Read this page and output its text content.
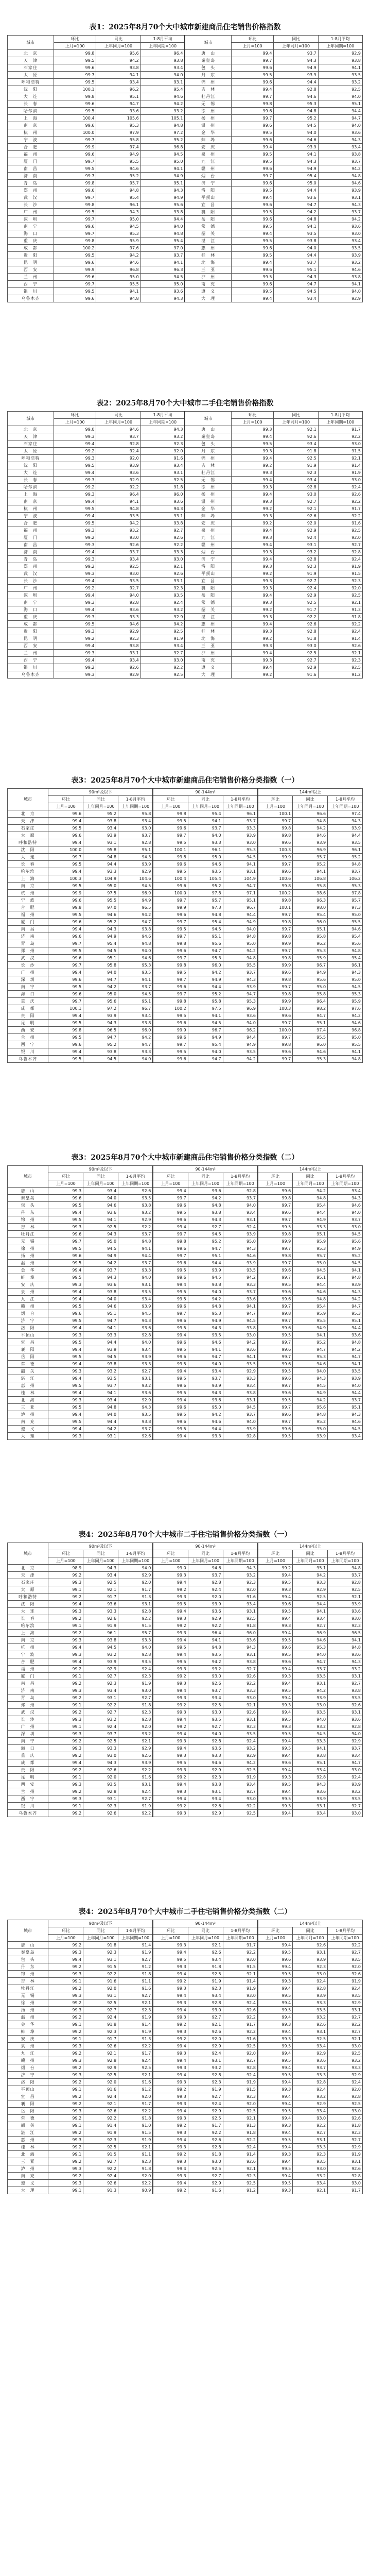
表1：2025年8月70个大中城市新建商品住宅销售价格指数
城市	环比	同比	1-8月平均	城市	环比	同比	1-8月平均
	上月=100	上年同月=100	上年同期=100		上月=100	上年同月=100	上年同期=100
北　京	99.8	95.6	96.4	唐　山	99.4	93.7	92.9
天　津	99.5	94.2	93.8	秦皇岛	99.7	94.3	93.8
石家庄	99.6	93.8	93.4	包　头	99.6	94.9	94.1
太　原	99.7	94.1	94.0	丹　东	99.5	93.9	93.5
呼和浩特	99.5	93.4	93.1	锦　州	99.6	94.4	93.2
沈　阳	100.1	96.2	95.4	吉　林	99.4	92.8	92.5
大　连	99.8	95.1	94.6	牡丹江	99.7	94.6	94.0
长　春	99.6	94.7	94.2	无　锡	99.8	95.3	95.1
哈尔滨	99.5	93.6	93.2	徐　州	99.6	94.8	94.4
上　海	100.4	105.6	105.1	扬　州	99.7	95.2	94.7
南　京	99.6	95.3	94.8	温　州	99.6	94.5	94.0
杭　州	100.0	97.9	97.2	金　华	99.5	94.0	93.6
宁　波	99.7	95.8	95.2	蚌　埠	99.6	94.6	94.3
合　肥	99.9	97.4	96.8	安　庆	99.4	93.9	93.4
福　州	99.6	94.9	94.5	泉　州	99.5	94.1	93.8
厦　门	99.7	95.5	95.0	九　江	99.5	94.3	93.7
南　昌	99.5	94.6	94.1	赣　州	99.6	94.9	94.2
济　南	99.7	95.2	94.9	烟　台	99.7	95.4	94.8
青　岛	99.8	95.7	95.1	济　宁	99.6	95.0	94.6
郑　州	99.6	94.8	94.3	洛　阳	99.5	94.4	93.9
武　汉	99.7	95.4	94.9	平顶山	99.4	93.6	93.1
长　沙	99.8	96.1	95.6	宜　昌	99.6	94.7	94.3
广　州	99.5	94.3	93.8	襄　阳	99.5	94.2	93.7
深　圳	99.7	95.0	94.4	岳　阳	99.6	94.8	94.2
南　宁	99.6	94.5	94.0	常　德	99.5	94.1	93.6
海　口	99.7	95.3	94.8	韶　关	99.4	93.5	93.0
重　庆	99.8	95.9	95.4	湛　江	99.5	93.8	93.4
成　都	100.2	97.6	97.0	惠　州	99.6	94.0	93.5
贵　阳	99.5	94.2	93.7	桂　林	99.5	94.4	93.9
昆　明	99.6	94.6	94.1	北　海	99.4	93.7	93.2
西　安	99.9	96.8	96.3	三　亚	99.6	95.1	94.6
兰　州	99.6	95.0	94.5	泸　州	99.5	94.3	93.8
西　宁	99.7	95.5	95.0	南　充	99.6	94.7	94.1
银　川	99.5	94.1	93.6	遵　义	99.5	94.5	94.0
乌鲁木齐	99.6	94.8	94.3	大　理	99.4	93.4	92.9
表2：2025年8月70个大中城市二手住宅销售价格指数
城市	环比	同比	1-8月平均	城市	环比	同比	1-8月平均
	上月=100	上年同月=100	上年同期=100		上月=100	上年同月=100	上年同期=100
北　京	99.0	94.6	94.3	唐　山	99.3	92.1	91.7
天　津	99.3	93.7	93.2	秦皇岛	99.4	92.6	92.2
石家庄	99.4	92.8	92.3	包　头	99.5	93.4	93.0
太　原	99.2	92.4	92.0	丹　东	99.3	91.8	91.5
呼和浩特	99.3	92.0	91.6	锦　州	99.4	92.5	92.1
沈　阳	99.5	93.9	93.4	吉　林	99.2	91.9	91.4
大　连	99.4	93.6	93.1	牡丹江	99.3	92.3	91.9
长　春	99.3	92.9	92.5	无　锡	99.4	93.4	93.0
哈尔滨	99.2	92.2	91.8	徐　州	99.3	92.8	92.4
上　海	99.3	96.4	96.0	扬　州	99.4	93.0	92.6
南　京	99.4	94.1	93.6	温　州	99.3	92.7	92.2
杭　州	99.5	94.8	94.3	金　华	99.2	92.1	91.7
宁　波	99.4	93.5	93.1	蚌　埠	99.3	92.6	92.2
合　肥	99.5	94.2	93.8	安　庆	99.2	92.0	91.6
福　州	99.3	93.2	92.7	泉　州	99.4	92.9	92.5
厦　门	99.2	93.0	92.6	九　江	99.3	92.4	92.0
南　昌	99.3	92.6	92.2	赣　州	99.4	93.1	92.7
济　南	99.4	93.7	93.3	烟　台	99.3	93.2	92.8
青　岛	99.3	93.4	93.0	济　宁	99.4	92.8	92.4
郑　州	99.2	92.5	92.1	洛　阳	99.3	92.3	91.9
武　汉	99.3	93.0	92.6	平顶山	99.2	91.9	91.5
长　沙	99.4	93.5	93.1	宜　昌	99.3	92.7	92.3
广　州	99.2	92.7	92.3	襄　阳	99.3	92.4	92.0
深　圳	99.4	94.0	93.5	岳　阳	99.4	92.9	92.5
南　宁	99.3	92.8	92.4	常　德	99.3	92.5	92.1
海　口	99.4	93.6	93.2	韶　关	99.2	91.7	91.3
重　庆	99.3	93.3	92.9	湛　江	99.3	92.2	91.8
成　都	99.5	94.6	94.2	惠　州	99.4	92.6	92.2
贵　阳	99.3	92.9	92.5	桂　林	99.3	92.8	92.4
昆　明	99.2	92.3	91.9	北　海	99.2	91.8	91.4
西　安	99.4	93.8	93.4	三　亚	99.3	93.0	92.6
兰　州	99.3	93.1	92.7	泸　州	99.4	92.5	92.1
西　宁	99.4	93.4	93.0	南　充	99.3	92.7	92.3
银　川	99.2	92.6	92.2	遵　义	99.4	92.9	92.5
乌鲁木齐	99.3	92.9	92.5	大　理	99.2	91.6	91.2
表3：2025年8月70个大中城市新建商品住宅销售价格分类指数（一）
城市	90m²及以下			90-144m²			144m²以上		
	环比	同比	1-8月平均	环比	同比	1-8月平均	环比	同比	1-8月平均
	上月=100	上年同月=100	上年同期=100	上月=100	上年同月=100	上年同期=100	上月=100	上年同月=100	上年同期=100
北　京	99.6	95.2	95.8	99.8	95.4	96.1	100.1	96.6	97.4
天　津	99.4	93.8	93.4	99.5	94.1	93.7	99.7	94.8	94.3
石家庄	99.5	93.4	93.0	99.6	93.7	93.3	99.8	94.2	93.9
太　原	99.6	93.9	93.7	99.7	94.0	93.9	99.8	94.6	94.4
呼和浩特	99.4	93.1	92.8	99.5	93.3	93.0	99.6	93.9	93.5
沈　阳	100.0	95.8	95.1	100.1	96.1	95.3	100.3	96.9	96.1
大　连	99.7	94.8	94.3	99.8	95.0	94.5	99.9	95.7	95.2
长　春	99.5	94.4	93.9	99.6	94.6	94.1	99.7	95.2	94.8
哈尔滨	99.4	93.3	92.9	99.5	93.5	93.1	99.6	94.1	93.7
上　海	100.3	104.9	104.6	100.4	105.4	104.9	100.6	106.8	106.2
南　京	99.5	95.0	94.5	99.6	95.2	94.7	99.8	95.8	95.3
杭　州	99.9	97.5	96.9	100.0	97.8	97.1	100.2	98.6	97.8
宁　波	99.6	95.5	94.9	99.7	95.7	95.1	99.8	96.3	95.7
合　肥	99.8	97.0	96.5	99.9	97.3	96.7	100.1	98.0	97.3
福　州	99.5	94.6	94.2	99.6	94.8	94.4	99.7	95.4	95.0
厦　门	99.6	95.2	94.7	99.7	95.4	94.9	99.8	96.0	95.5
南　昌	99.4	94.3	93.8	99.5	94.5	94.0	99.7	95.1	94.6
济　南	99.6	94.9	94.6	99.7	95.1	94.8	99.8	95.8	95.4
青　岛	99.7	95.4	94.8	99.8	95.6	95.0	99.9	96.2	95.6
郑　州	99.5	94.5	94.0	99.6	94.7	94.2	99.7	95.3	94.8
武　汉	99.6	95.1	94.6	99.7	95.3	94.8	99.8	95.9	95.4
长　沙	99.7	95.8	95.3	99.8	96.0	95.5	99.9	96.7	96.1
广　州	99.4	94.0	93.5	99.5	94.2	93.7	99.6	94.9	94.3
深　圳	99.6	94.7	94.1	99.7	94.9	94.3	99.8	95.6	95.0
南　宁	99.5	94.2	93.7	99.6	94.4	93.9	99.7	95.0	94.5
海　口	99.6	95.0	94.5	99.7	95.2	94.7	99.8	95.8	95.3
重　庆	99.7	95.6	95.1	99.8	95.8	95.3	99.9	96.4	95.9
成　都	100.1	97.2	96.7	100.2	97.5	96.9	100.3	98.2	97.6
贵　阳	99.4	93.9	93.4	99.5	94.1	93.6	99.6	94.7	94.2
昆　明	99.5	94.3	93.8	99.6	94.5	94.0	99.7	95.1	94.6
西　安	99.8	96.5	96.0	99.9	96.7	96.2	100.0	97.4	96.8
兰　州	99.5	94.7	94.2	99.6	94.9	94.4	99.7	95.5	95.0
西　宁	99.6	95.2	94.7	99.7	95.4	94.9	99.8	96.0	95.5
银　川	99.4	93.8	93.3	99.5	94.0	93.5	99.6	94.6	94.1
乌鲁木齐	99.5	94.5	94.0	99.6	94.7	94.2	99.7	95.3	94.8
表3：2025年8月70个大中城市新建商品住宅销售价格分类指数（二）
城市	90m²及以下			90-144m²			144m²以上		
	环比	同比	1-8月平均	环比	同比	1-8月平均	环比	同比	1-8月平均
	上月=100	上年同月=100	上年同期=100	上月=100	上年同月=100	上年同期=100	上月=100	上年同月=100	上年同期=100
唐　山	99.3	93.4	92.6	99.4	93.6	92.8	99.6	94.2	93.4
秦皇岛	99.6	94.0	93.5	99.7	94.2	93.7	99.8	94.8	94.3
包　头	99.5	94.6	93.8	99.6	94.8	94.0	99.7	95.4	94.6
丹　东	99.4	93.6	93.2	99.5	93.8	93.4	99.6	94.4	94.0
锦　州	99.5	94.1	92.9	99.6	94.3	93.1	99.7	94.9	93.7
吉　林	99.3	92.5	92.2	99.4	92.7	92.4	99.5	93.3	93.0
牡丹江	99.6	94.3	93.7	99.7	94.5	93.9	99.8	95.1	94.5
无　锡	99.7	95.0	94.8	99.8	95.2	95.0	99.9	95.9	95.6
徐　州	99.5	94.5	94.1	99.6	94.7	94.3	99.7	95.3	94.9
扬　州	99.6	94.9	94.4	99.7	95.1	94.6	99.8	95.7	95.2
温　州	99.5	94.2	93.7	99.6	94.4	93.9	99.7	95.0	94.5
金　华	99.4	93.7	93.3	99.5	93.9	93.5	99.6	94.5	94.1
蚌　埠	99.5	94.3	94.0	99.6	94.5	94.2	99.7	95.1	94.8
安　庆	99.3	93.6	93.1	99.4	93.8	93.3	99.5	94.4	93.9
泉　州	99.4	93.8	93.5	99.5	94.0	93.7	99.6	94.6	94.3
九　江	99.4	94.0	93.4	99.5	94.2	93.6	99.6	94.8	94.2
赣　州	99.5	94.6	93.9	99.6	94.8	94.1	99.7	95.4	94.7
烟　台	99.6	95.1	94.5	99.7	95.3	94.7	99.8	95.9	95.3
济　宁	99.5	94.7	94.3	99.6	94.9	94.5	99.7	95.5	95.1
洛　阳	99.4	94.1	93.6	99.5	94.3	93.8	99.6	94.9	94.4
平顶山	99.3	93.3	92.8	99.4	93.5	93.0	99.5	94.1	93.6
宜　昌	99.5	94.4	94.0	99.6	94.6	94.2	99.7	95.2	94.8
襄　阳	99.4	93.9	93.4	99.5	94.1	93.6	99.6	94.7	94.2
岳　阳	99.5	94.5	93.9	99.6	94.7	94.1	99.7	95.3	94.7
常　德	99.4	93.8	93.3	99.5	94.0	93.5	99.6	94.6	94.1
韶　关	99.3	93.2	92.7	99.4	93.4	92.9	99.5	94.0	93.5
湛　江	99.4	93.5	93.1	99.5	93.7	93.3	99.6	94.3	93.9
惠　州	99.5	93.7	93.2	99.6	93.9	93.4	99.7	94.5	94.0
桂　林	99.4	94.1	93.6	99.5	94.3	93.8	99.6	94.9	94.4
北　海	99.3	93.4	92.9	99.4	93.6	93.1	99.5	94.2	93.7
三　亚	99.5	94.8	94.3	99.6	95.0	94.5	99.7	95.6	95.1
泸　州	99.4	94.0	93.5	99.5	94.2	93.7	99.6	94.8	94.3
南　充	99.5	94.4	93.8	99.6	94.6	94.0	99.7	95.2	94.6
遵　义	99.4	94.2	93.7	99.5	94.4	93.9	99.6	95.0	94.5
大　理	99.3	93.1	92.6	99.4	93.3	92.8	99.5	93.9	93.4
表4：2025年8月70个大中城市二手住宅销售价格分类指数（一）
城市	90m²及以下			90-144m²			144m²以上		
	环比	同比	1-8月平均	环比	同比	1-8月平均	环比	同比	1-8月平均
	上月=100	上年同月=100	上年同期=100	上月=100	上年同月=100	上年同期=100	上月=100	上年同月=100	上年同期=100
北　京	98.9	94.3	94.0	99.0	94.6	94.3	99.2	95.1	94.8
天　津	99.2	93.4	92.9	99.3	93.7	93.2	99.4	94.2	93.7
石家庄	99.3	92.5	92.0	99.4	92.8	92.3	99.5	93.3	92.8
太　原	99.1	92.1	91.7	99.2	92.4	92.0	99.3	92.9	92.5
呼和浩特	99.2	91.7	91.3	99.3	92.0	91.6	99.4	92.5	92.1
沈　阳	99.4	93.6	93.1	99.5	93.9	93.4	99.6	94.4	93.9
大　连	99.3	93.3	92.8	99.4	93.6	93.1	99.5	94.1	93.6
长　春	99.2	92.6	92.2	99.3	92.9	92.5	99.4	93.4	93.0
哈尔滨	99.1	91.9	91.5	99.2	92.2	91.8	99.3	92.7	92.3
上　海	99.2	96.1	95.7	99.3	96.4	96.0	99.4	96.9	96.5
南　京	99.3	93.8	93.3	99.4	94.1	93.6	99.5	94.6	94.1
杭　州	99.4	94.5	94.0	99.5	94.8	94.3	99.6	95.3	94.8
宁　波	99.3	93.2	92.8	99.4	93.5	93.1	99.5	94.0	93.6
合　肥	99.4	93.9	93.5	99.5	94.2	93.8	99.6	94.7	94.3
福　州	99.2	92.9	92.4	99.3	93.2	92.7	99.4	93.7	93.2
厦　门	99.1	92.7	92.3	99.2	93.0	92.6	99.3	93.5	93.1
南　昌	99.2	92.3	91.9	99.3	92.6	92.2	99.4	93.1	92.7
济　南	99.3	93.4	93.0	99.4	93.7	93.3	99.5	94.2	93.8
青　岛	99.2	93.1	92.7	99.3	93.4	93.0	99.4	93.9	93.5
郑　州	99.1	92.2	91.8	99.2	92.5	92.1	99.3	93.0	92.6
武　汉	99.2	92.7	92.3	99.3	93.0	92.6	99.4	93.5	93.1
长　沙	99.3	93.2	92.8	99.4	93.5	93.1	99.5	94.0	93.6
广　州	99.1	92.4	92.0	99.2	92.7	92.3	99.3	93.2	92.8
深　圳	99.3	93.7	93.2	99.4	94.0	93.5	99.5	94.5	94.0
南　宁	99.2	92.5	92.1	99.3	92.8	92.4	99.4	93.3	92.9
海　口	99.3	93.3	92.9	99.4	93.6	93.2	99.5	94.1	93.7
重　庆	99.2	93.0	92.6	99.3	93.3	92.9	99.4	93.8	93.4
成　都	99.4	94.3	93.9	99.5	94.6	94.2	99.6	95.1	94.7
贵　阳	99.2	92.6	92.2	99.3	92.9	92.5	99.4	93.4	93.0
昆　明	99.1	92.0	91.6	99.2	92.3	91.9	99.3	92.8	92.4
西　安	99.3	93.5	93.1	99.4	93.8	93.4	99.5	94.3	93.9
兰　州	99.2	92.8	92.4	99.3	93.1	92.7	99.4	93.6	93.2
西　宁	99.3	93.1	92.7	99.4	93.4	93.0	99.5	93.9	93.5
银　川	99.1	92.3	91.9	99.2	92.6	92.2	99.3	93.1	92.7
乌鲁木齐	99.2	92.6	92.2	99.3	92.9	92.5	99.4	93.4	93.0
表4：2025年8月70个大中城市二手住宅销售价格分类指数（二）
城市	90m²及以下			90-144m²			144m²以上		
	环比	同比	1-8月平均	环比	同比	1-8月平均	环比	同比	1-8月平均
	上月=100	上年同月=100	上年同期=100	上月=100	上年同月=100	上年同期=100	上月=100	上年同月=100	上年同期=100
唐　山	99.2	91.8	91.4	99.3	92.1	91.7	99.4	92.6	92.2
秦皇岛	99.3	92.3	91.9	99.4	92.6	92.2	99.5	93.1	92.7
包　头	99.4	93.1	92.7	99.5	93.4	93.0	99.6	93.9	93.5
丹　东	99.2	91.5	91.2	99.3	91.8	91.5	99.4	92.3	92.0
锦　州	99.3	92.2	91.8	99.4	92.5	92.1	99.5	93.0	92.6
吉　林	99.1	91.6	91.1	99.2	91.9	91.4	99.3	92.4	91.9
牡丹江	99.2	92.0	91.6	99.3	92.3	91.9	99.4	92.8	92.4
无　锡	99.3	93.1	92.7	99.4	93.4	93.0	99.5	93.9	93.5
徐　州	99.2	92.5	92.1	99.3	92.8	92.4	99.4	93.3	92.9
扬　州	99.3	92.7	92.3	99.4	93.0	92.6	99.5	93.5	93.1
温　州	99.2	92.4	91.9	99.3	92.7	92.2	99.4	93.2	92.7
金　华	99.1	91.8	91.4	99.2	92.1	91.7	99.3	92.6	92.2
蚌　埠	99.2	92.3	91.9	99.3	92.6	92.2	99.4	93.1	92.7
安　庆	99.1	91.7	91.3	99.2	92.0	91.6	99.3	92.5	92.1
泉　州	99.3	92.6	92.2	99.4	92.9	92.5	99.5	93.4	93.0
九　江	99.2	92.1	91.7	99.3	92.4	92.0	99.4	92.9	92.5
赣　州	99.3	92.8	92.4	99.4	93.1	92.7	99.5	93.6	93.2
烟　台	99.2	92.9	92.5	99.3	93.2	92.8	99.4	93.7	93.3
济　宁	99.3	92.5	92.1	99.4	92.8	92.4	99.5	93.3	92.9
洛　阳	99.2	92.0	91.6	99.3	92.3	91.9	99.4	92.8	92.4
平顶山	99.1	91.6	91.2	99.2	91.9	91.5	99.3	92.4	92.0
宜　昌	99.2	92.4	92.0	99.3	92.7	92.3	99.4	93.2	92.8
襄　阳	99.2	92.1	91.7	99.3	92.4	92.0	99.4	92.9	92.5
岳　阳	99.3	92.6	92.2	99.4	92.9	92.5	99.5	93.4	93.0
常　德	99.2	92.2	91.8	99.3	92.5	92.1	99.4	93.0	92.6
韶　关	99.1	91.4	91.0	99.2	91.7	91.3	99.3	92.2	91.8
湛　江	99.2	91.9	91.5	99.3	92.2	91.8	99.4	92.7	92.3
惠　州	99.3	92.3	91.9	99.4	92.6	92.2	99.5	93.1	92.7
桂　林	99.2	92.5	92.1	99.3	92.8	92.4	99.4	93.3	92.9
北　海	99.1	91.5	91.1	99.2	91.8	91.4	99.3	92.3	91.9
三　亚	99.2	92.7	92.3	99.3	93.0	92.6	99.4	93.5	93.1
泸　州	99.3	92.2	91.8	99.4	92.5	92.1	99.5	93.0	92.6
南　充	99.2	92.4	92.0	99.3	92.7	92.3	99.4	93.2	92.8
遵　义	99.3	92.6	92.2	99.4	92.9	92.5	99.5	93.4	93.0
大　理	99.1	91.3	90.9	99.2	91.6	91.2	99.3	92.1	91.7
